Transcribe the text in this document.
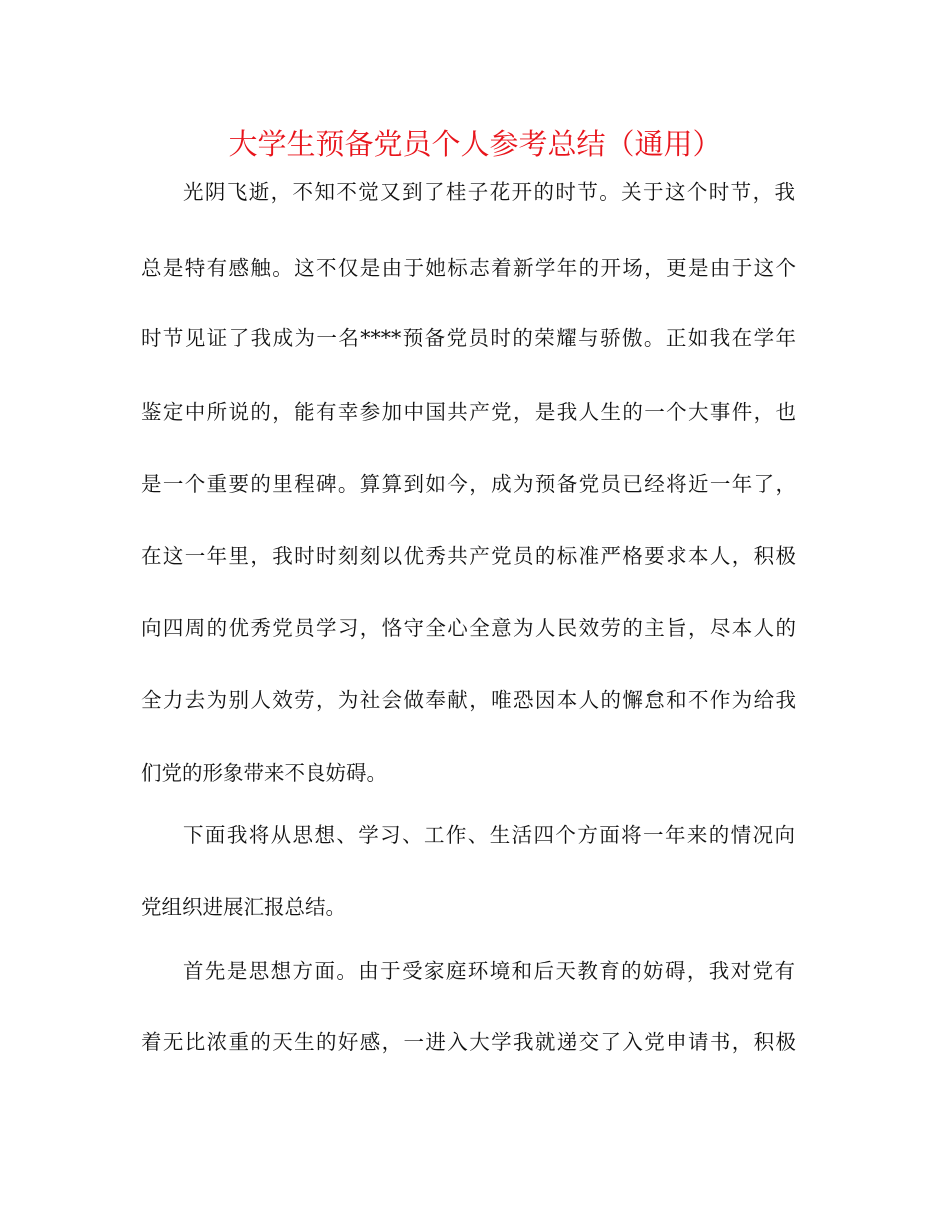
大学生预备党员个人参考总结（通用）
光阴飞逝，不知不觉又到了桂子花开的时节。关于这个时节，我
总是特有感触。这不仅是由于她标志着新学年的开场，更是由于这个
时节见证了我成为一名****预备党员时的荣耀与骄傲。正如我在学年
鉴定中所说的，能有幸参加中国共产党，是我人生的一个大事件，也
是一个重要的里程碑。算算到如今，成为预备党员已经将近一年了，
在这一年里，我时时刻刻以优秀共产党员的标准严格要求本人，积极
向四周的优秀党员学习，恪守全心全意为人民效劳的主旨，尽本人的
全力去为别人效劳，为社会做奉献，唯恐因本人的懈怠和不作为给我
们党的形象带来不良妨碍。
下面我将从思想、学习、工作、生活四个方面将一年来的情况向
党组织进展汇报总结。
首先是思想方面。由于受家庭环境和后天教育的妨碍，我对党有
着无比浓重的天生的好感，一进入大学我就递交了入党申请书，积极
